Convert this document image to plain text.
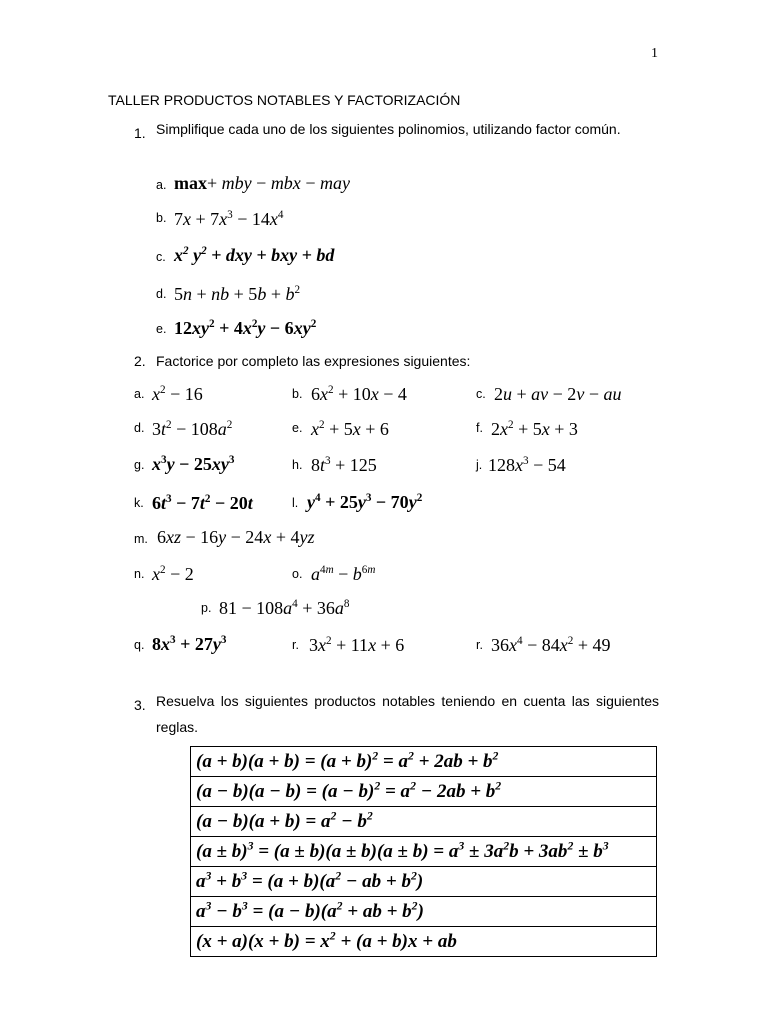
1
TALLER PRODUCTOS NOTABLES Y FACTORIZACIÓN
1. Simplifique cada uno de los siguientes polinomios, utilizando factor común.
a. max+ mby − mbx − may
b. $7x + 7x^3 - 14x^4$
c. $x^2$ $y^2$ + dxy + bxy + bd
d. 5n + nb + $5b + b^2$
e. $12xy^2 + 4x^2y - 6xy^2$
2. Factorice por completo las expresiones siguientes:
a. $x^2 - 16$	b. $6x^2 + 10x - 4$	c. 2u + av − 2v − au
d. $3t^2 - 108a^2$	e. $x^2 + 5x + 6$	f. $2x^2 + 5x + 3$
g. $x^3y - 25xy^3$	h. $8t^3 + 125$	j. $128x^3 - 54$
k. $6t^3 - 7t^2 - 20t$	l. $y^4 + 25y^3 - 70y^2$
m. 6xz − 16y − 24x + 4yz
n. $x^2 - 2$	o. $a^{4m} - b^{6m}$
p. $81 - 108a^4 + 36a^8$
q. $8x^3 + 27y^3$	r. $3x^2 + 11x + 6$	r. $36x^4 - 84x^2 + 49$
3. Resuelva los siguientes productos notables teniendo en cuenta las siguientes reglas.
$(a + b)(a + b) = (a + b)^2 = a^2 + 2ab + b^2$
$(a - b)(a - b) = (a - b)^2 = a^2 - 2ab + b^2$
$(a - b)(a + b) = a^2 - b^2$
$(a \pm b)^3 = (a \pm b)(a \pm b)(a \pm b) = a^3 \pm 3a^2b + 3ab^2 \pm b^3$
$a^3 + b^3 = (a + b)(a^2$ − ab + $b^2$)
$a^3 - b^3 = (a - b)(a^2$ + ab + $b^2$)
$(x + a)(x + b) = x^2 + (a + b)x$ + ab
